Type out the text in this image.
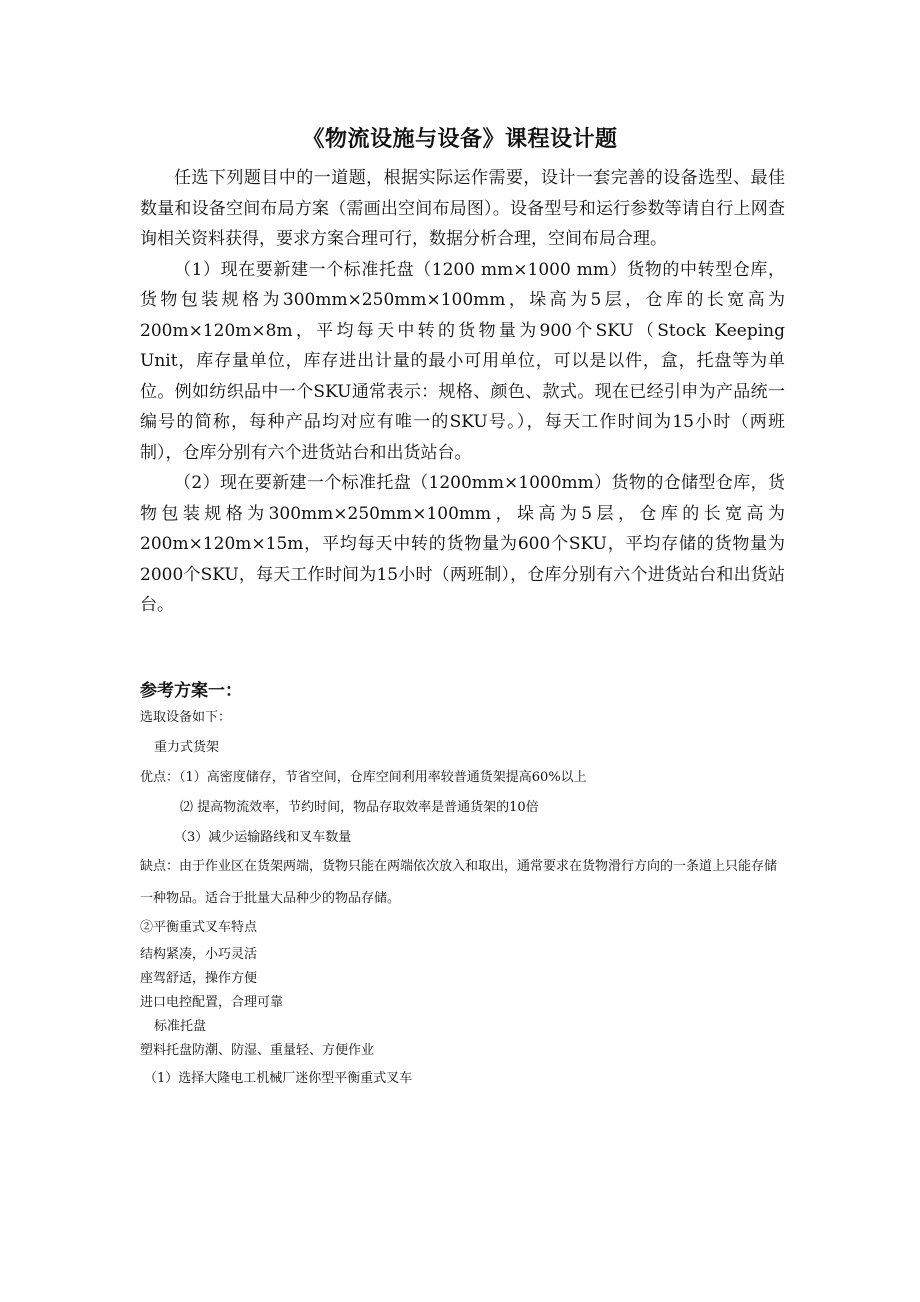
《物流设施与设备》课程设计题

任选下列题目中的一道题，根据实际运作需要，设计一套完善的设备选型、最佳数量和设备空间布局方案（需画出空间布局图）。设备型号和运行参数等请自行上网查询相关资料获得，要求方案合理可行，数据分析合理，空间布局合理。

（1）现在要新建一个标准托盘（1200 mm×1000 mm）货物的中转型仓库，货物包装规格为300mm×250mm×100mm，垛高为5层，仓库的长宽高为200m×120m×8m，平均每天中转的货物量为900个SKU（Stock Keeping Unit，库存量单位，库存进出计量的最小可用单位，可以是以件，盒，托盘等为单位。例如纺织品中一个SKU通常表示：规格、颜色、款式。现在已经引申为产品统一编号的简称，每种产品均对应有唯一的SKU号。），每天工作时间为15小时（两班制），仓库分别有六个进货站台和出货站台。

（2）现在要新建一个标准托盘（1200mm×1000mm）货物的仓储型仓库，货物包装规格为300mm×250mm×100mm，垛高为5层，仓库的长宽高为200m×120m×15m，平均每天中转的货物量为600个SKU，平均存储的货物量为2000个SKU，每天工作时间为15小时（两班制），仓库分别有六个进货站台和出货站台。

参考方案一：
选取设备如下：
重力式货架
优点：（1）高密度储存，节省空间，仓库空间利用率较普通货架提高60%以上
⑵ 提高物流效率，节约时间，物品存取效率是普通货架的10倍
（3）减少运输路线和叉车数量
缺点：由于作业区在货架两端，货物只能在两端依次放入和取出，通常要求在货物滑行方向的一条道上只能存储一种物品。适合于批量大品种少的物品存储。
②平衡重式叉车特点
结构紧凑，小巧灵活
座驾舒适，操作方便
进口电控配置，合理可靠
标准托盘
塑料托盘防潮、防湿、重量轻、方便作业
（1）选择大隆电工机械厂迷你型平衡重式叉车
